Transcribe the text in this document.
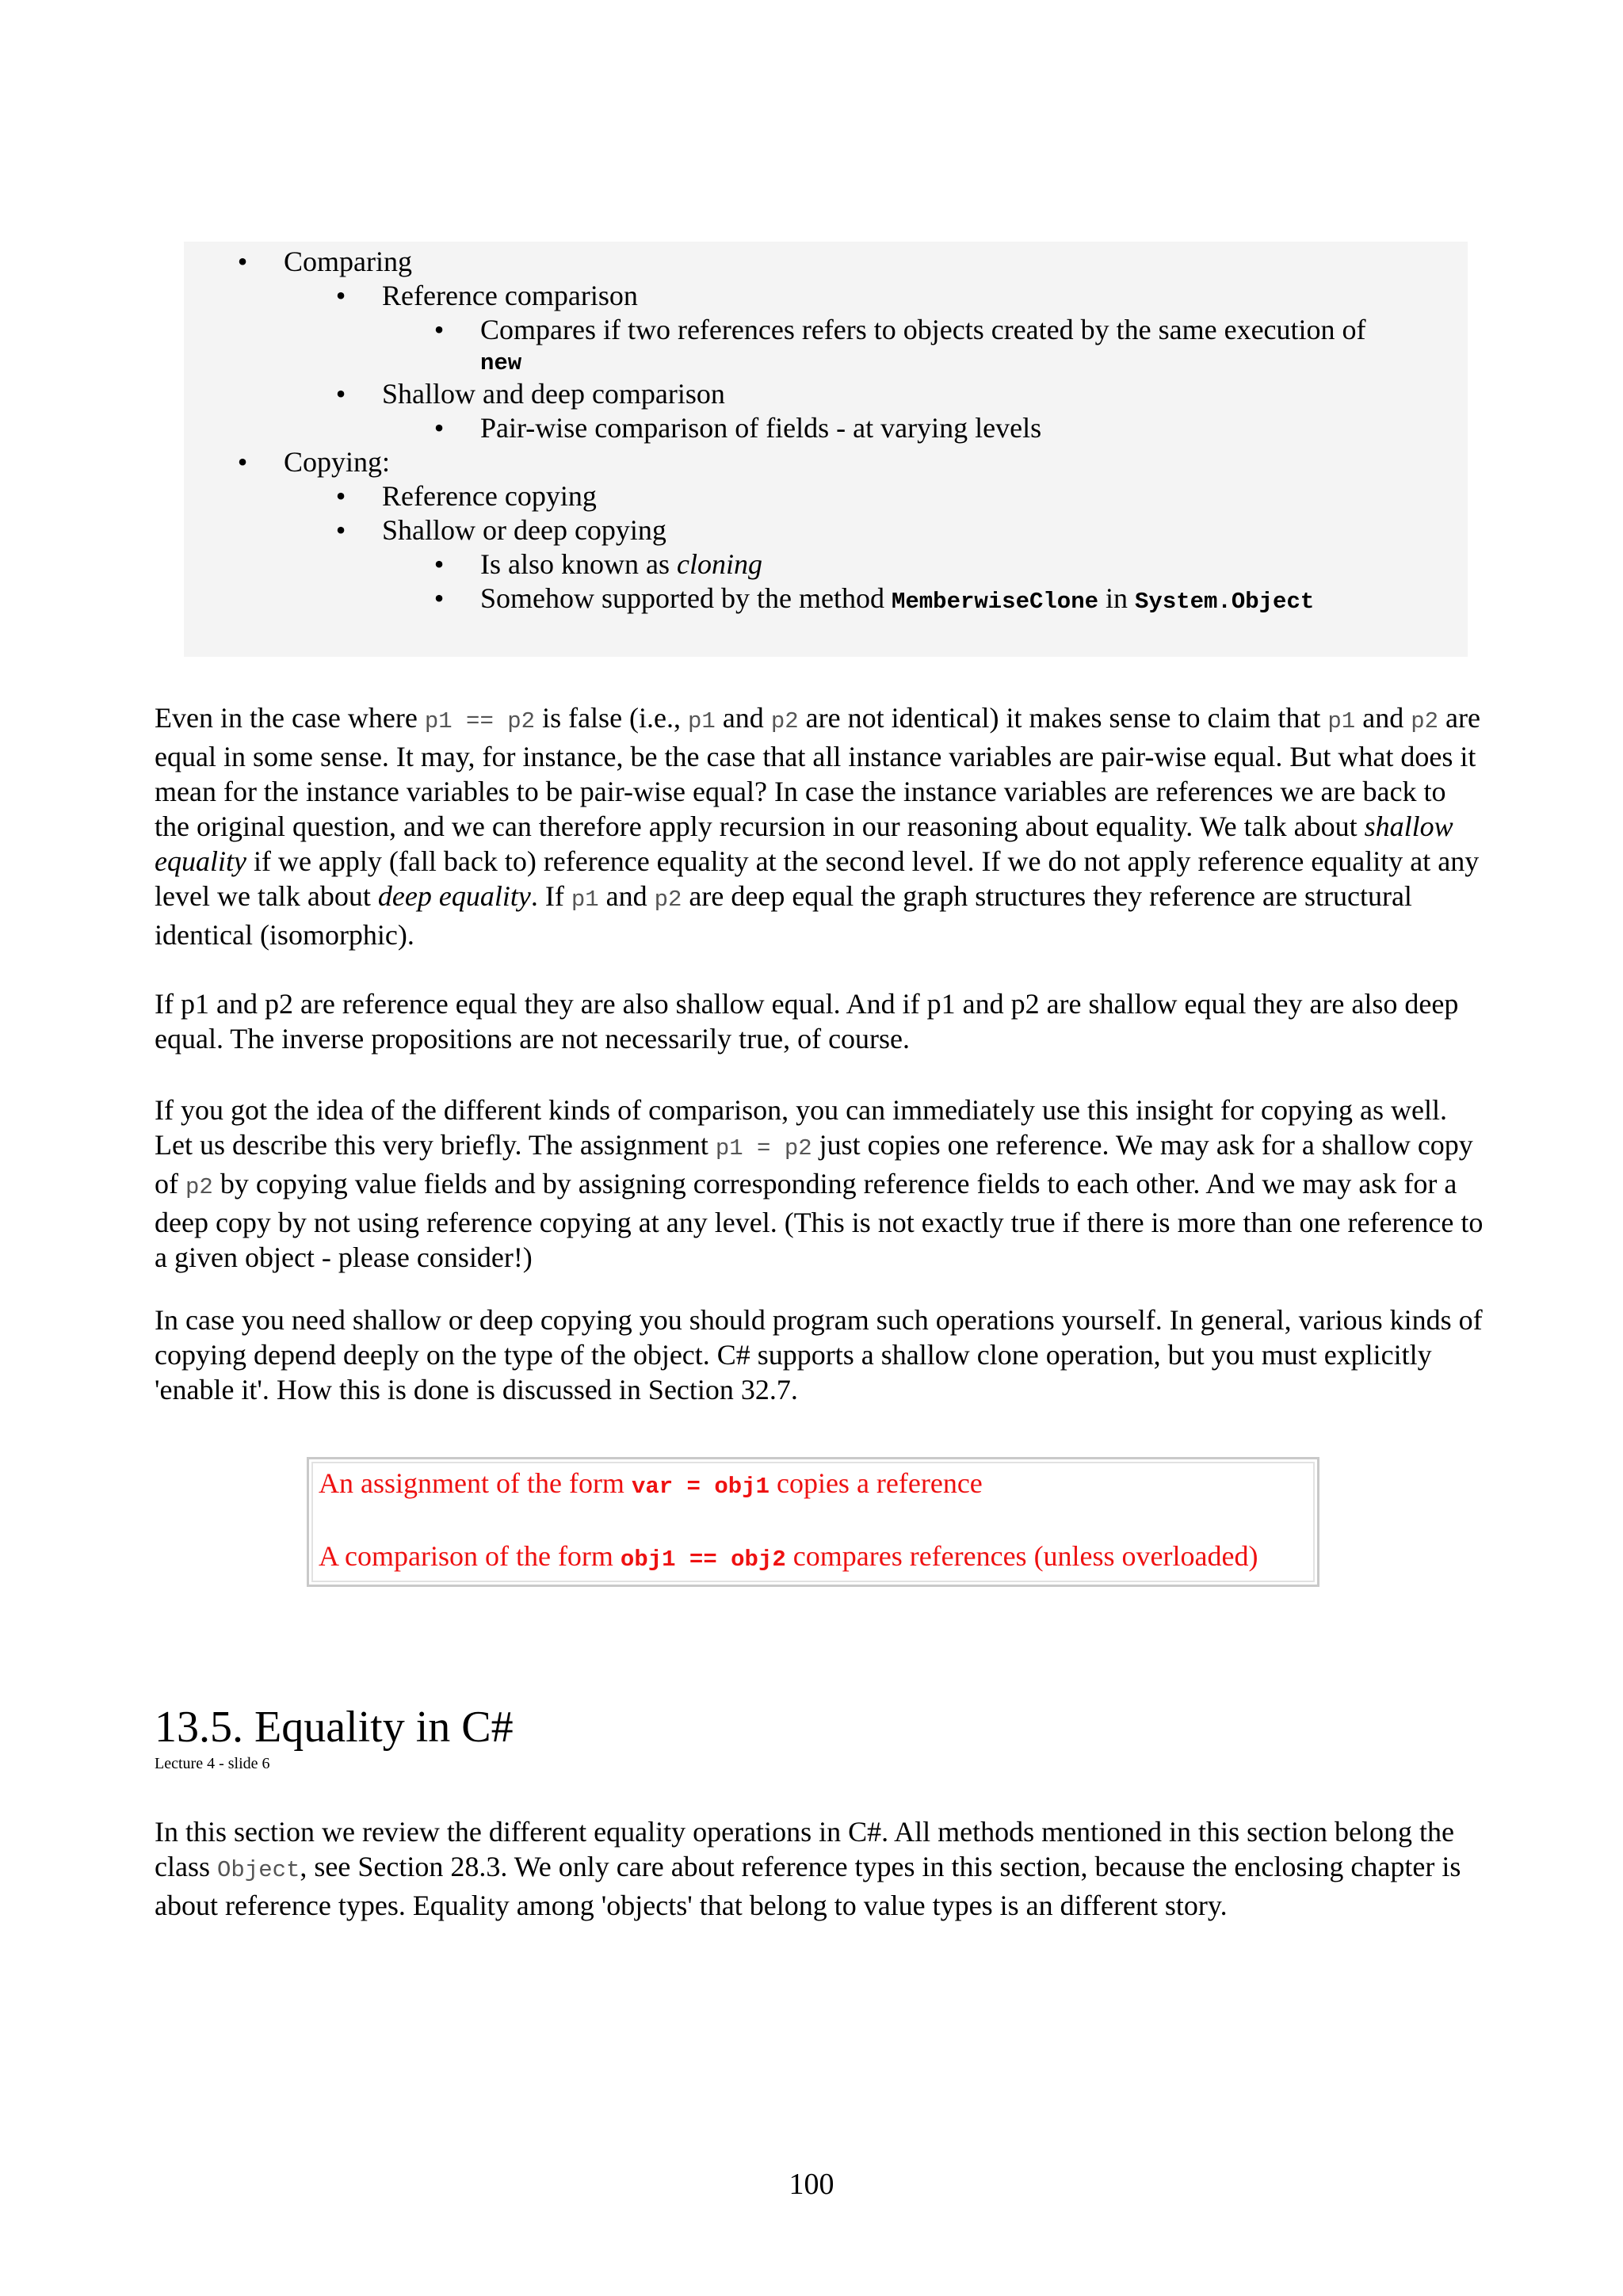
• Comparing
• Reference comparison
• Compares if two references refers to objects created by the same execution of
new
• Shallow and deep comparison
• Pair-wise comparison of fields - at varying levels
• Copying:
• Reference copying
• Shallow or deep copying
• Is also known as cloning
• Somehow supported by the method MemberwiseClone in System.Object

Even in the case where p1 == p2 is false (i.e., p1 and p2 are not identical) it makes sense to claim that p1 and p2 are equal in some sense. It may, for instance, be the case that all instance variables are pair-wise equal. But what does it mean for the instance variables to be pair-wise equal? In case the instance variables are references we are back to the original question, and we can therefore apply recursion in our reasoning about equality. We talk about shallow equality if we apply (fall back to) reference equality at the second level. If we do not apply reference equality at any level we talk about deep equality. If p1 and p2 are deep equal the graph structures they reference are structural identical (isomorphic).

If p1 and p2 are reference equal they are also shallow equal. And if p1 and p2 are shallow equal they are also deep equal. The inverse propositions are not necessarily true, of course.

If you got the idea of the different kinds of comparison, you can immediately use this insight for copying as well. Let us describe this very briefly. The assignment p1 = p2 just copies one reference. We may ask for a shallow copy of p2 by copying value fields and by assigning corresponding reference fields to each other. And we may ask for a deep copy by not using reference copying at any level. (This is not exactly true if there is more than one reference to a given object - please consider!)

In case you need shallow or deep copying you should program such operations yourself. In general, various kinds of copying depend deeply on the type of the object. C# supports a shallow clone operation, but you must explicitly 'enable it'. How this is done is discussed in Section 32.7.

An assignment of the form var = obj1 copies a reference
A comparison of the form obj1 == obj2 compares references (unless overloaded)
13.5. Equality in C#
Lecture 4 - slide 6

In this section we review the different equality operations in C#. All methods mentioned in this section belong the class Object, see Section 28.3. We only care about reference types in this section, because the enclosing chapter is about reference types. Equality among 'objects' that belong to value types is an different story.

100
